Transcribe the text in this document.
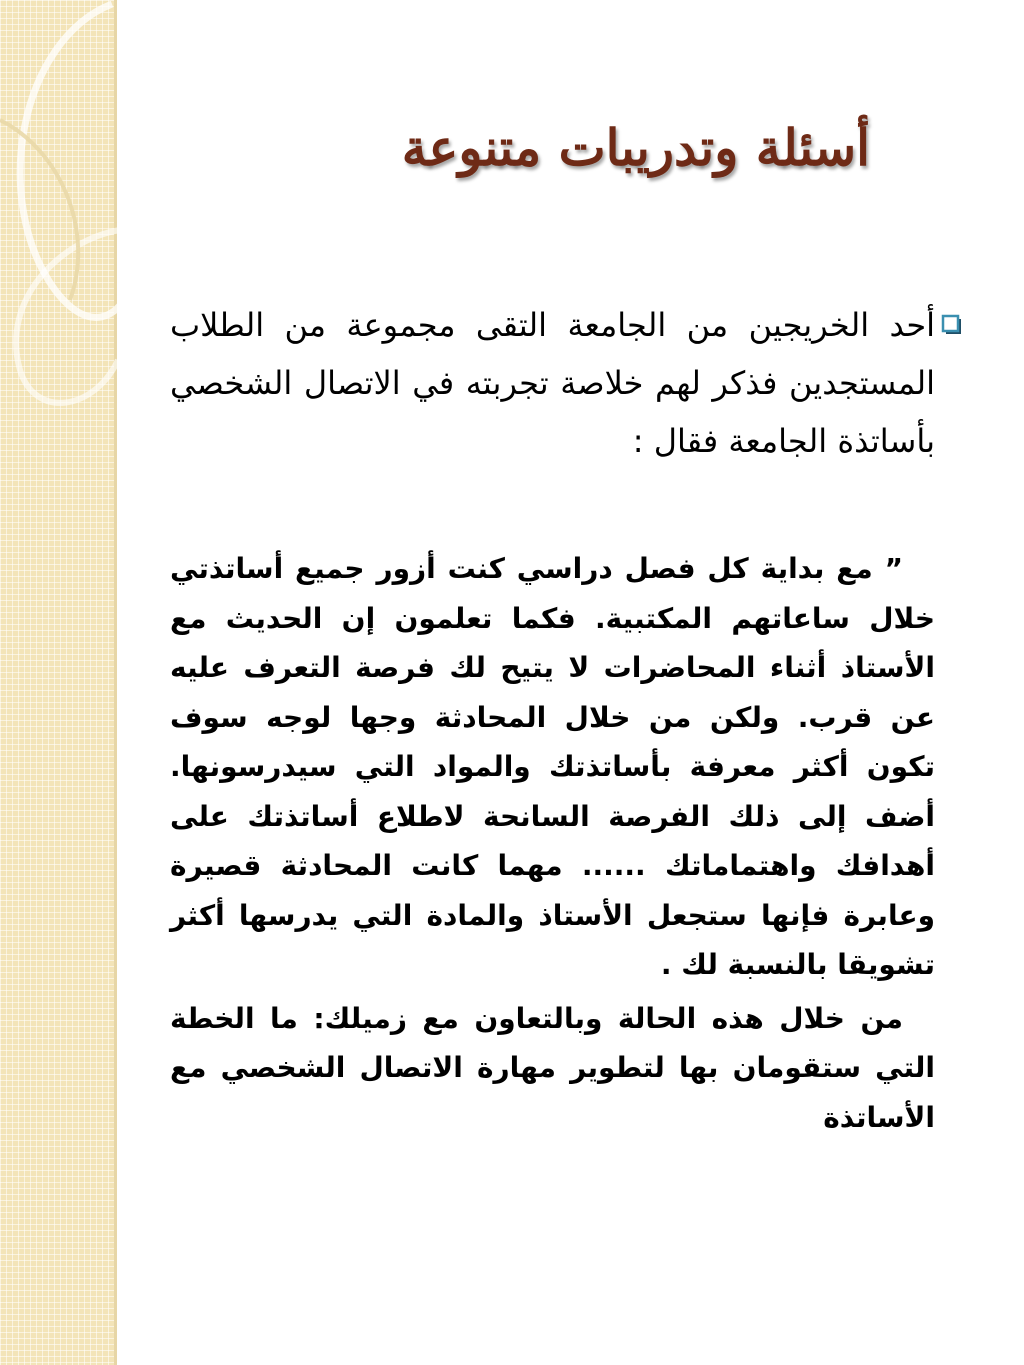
أسئلة وتدريبات متنوعة

أحد الخريجين من الجامعة التقى مجموعة من الطلاب المستجدين فذكر لهم خلاصة تجربته في الاتصال الشخصي بأساتذة الجامعة فقال :

” مع بداية كل فصل دراسي كنت أزور جميع أساتذتي خلال ساعاتهم المكتبية. فكما تعلمون إن الحديث مع الأستاذ أثناء المحاضرات لا يتيح لك فرصة التعرف عليه عن قرب. ولكن من خلال المحادثة وجها لوجه سوف تكون أكثر معرفة بأساتذتك والمواد التي سيدرسونها. أضف إلى ذلك الفرصة السانحة لاطلاع أساتذتك على أهدافك واهتماماتك ...... مهما كانت المحادثة قصيرة وعابرة فإنها ستجعل الأستاذ والمادة التي يدرسها أكثر تشويقا بالنسبة لك .

من خلال هذه الحالة وبالتعاون مع زميلك: ما الخطة التي ستقومان بها لتطوير مهارة الاتصال الشخصي مع الأساتذة
